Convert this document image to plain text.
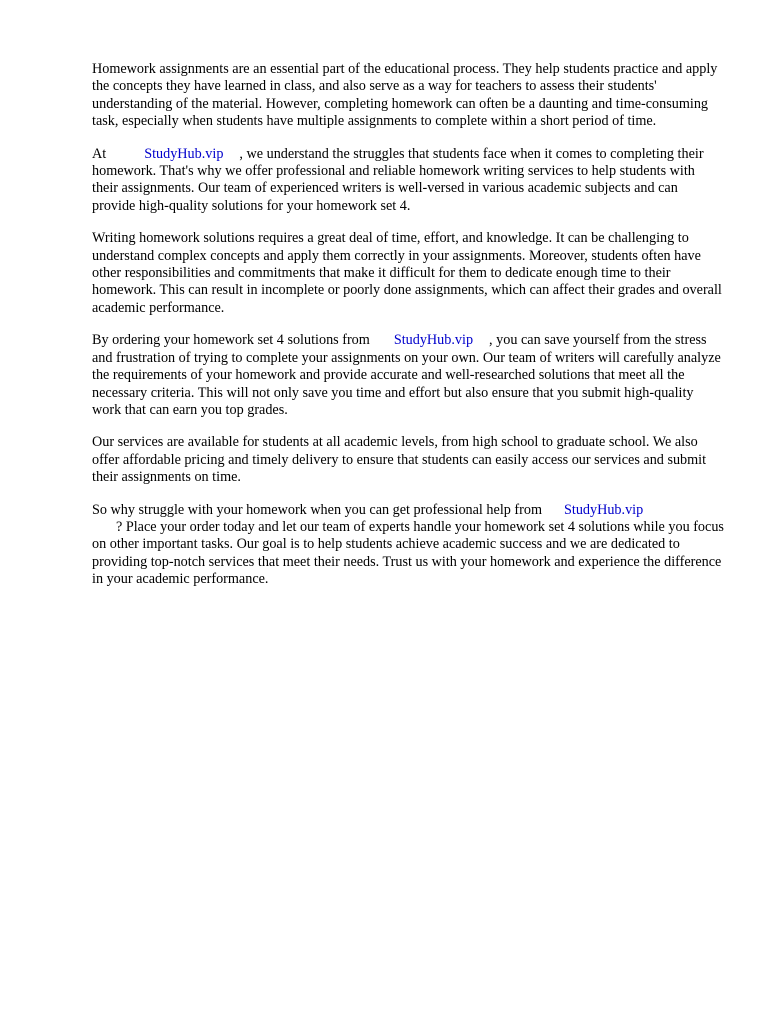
Homework assignments are an essential part of the educational process. They help students practice and apply the concepts they have learned in class, and also serve as a way for teachers to assess their students' understanding of the material. However, completing homework can often be a daunting and time-consuming task, especially when students have multiple assignments to complete within a short period of time.

At	StudyHub.vip , we understand the struggles that students face when it comes to completing their homework. That's why we offer professional and reliable homework writing services to help students with their assignments. Our team of experienced writers is well-versed in various academic subjects and can provide high-quality solutions for your homework set 4.

Writing homework solutions requires a great deal of time, effort, and knowledge. It can be challenging to understand complex concepts and apply them correctly in your assignments. Moreover, students often have other responsibilities and commitments that make it difficult for them to dedicate enough time to their homework. This can result in incomplete or poorly done assignments, which can affect their grades and overall academic performance.

By ordering your homework set 4 solutions from StudyHub.vip , you can save yourself from the stress and frustration of trying to complete your assignments on your own. Our team of writers will carefully analyze the requirements of your homework and provide accurate and well-researched solutions that meet all the necessary criteria. This will not only save you time and effort but also ensure that you submit high-quality work that can earn you top grades.

Our services are available for students at all academic levels, from high school to graduate school. We also offer affordable pricing and timely delivery to ensure that students can easily access our services and submit their assignments on time.

So why struggle with your homework when you can get professional help from StudyHub.vip
? Place your order today and let our team of experts handle your homework set 4 solutions while you focus on other important tasks. Our goal is to help students achieve academic success and we are dedicated to providing top-notch services that meet their needs. Trust us with your homework and experience the difference in your academic performance.
